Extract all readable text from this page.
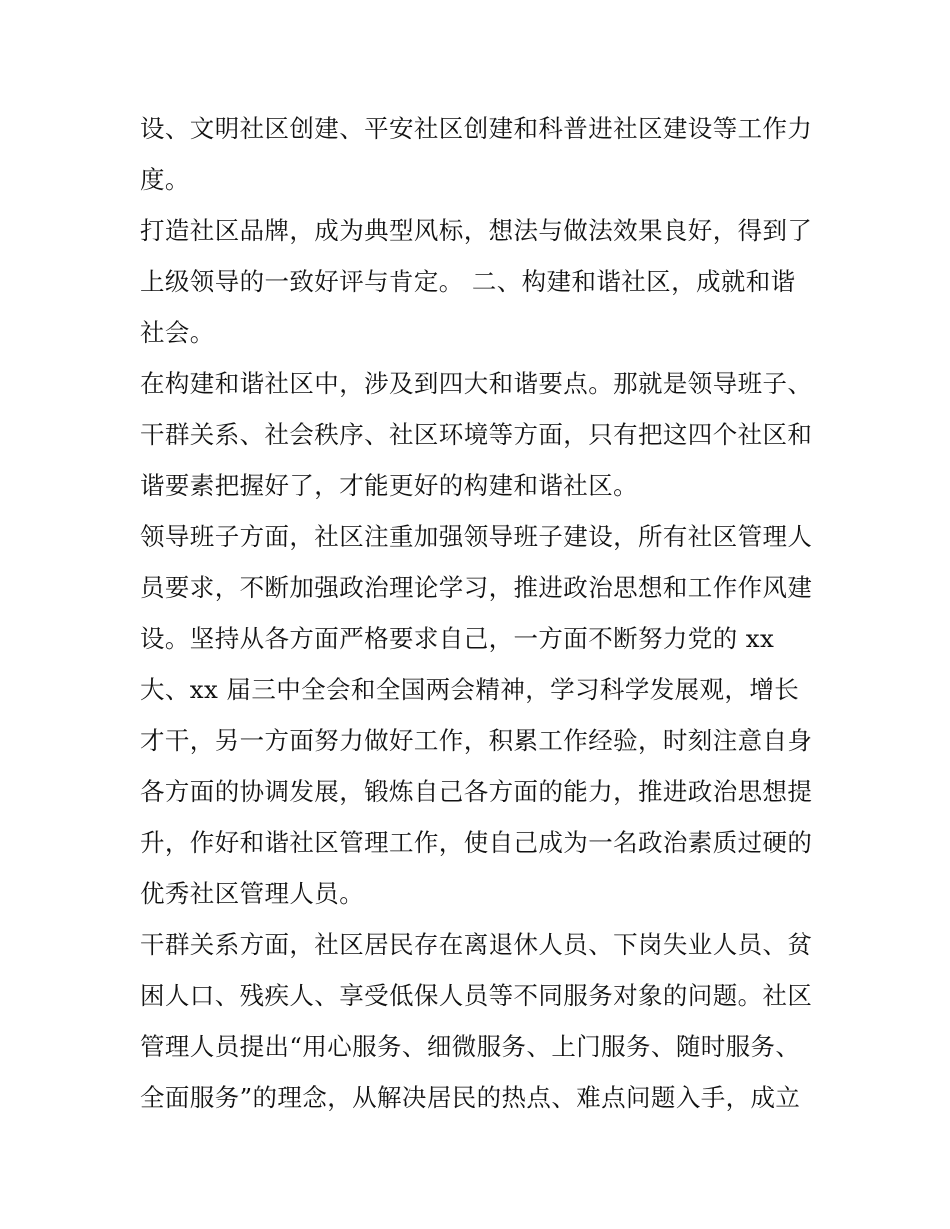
设、文明社区创建、平安社区创建和科普进社区建设等工作力
度。
打造社区品牌，成为典型风标，想法与做法效果良好，得到了
上级领导的一致好评与肯定。 二、构建和谐社区，成就和谐
社会。
在构建和谐社区中，涉及到四大和谐要点。那就是领导班子、
干群关系、社会秩序、社区环境等方面，只有把这四个社区和
谐要素把握好了，才能更好的构建和谐社区。
领导班子方面，社区注重加强领导班子建设，所有社区管理人
员要求，不断加强政治理论学习，推进政治思想和工作作风建
设。坚持从各方面严格要求自己，一方面不断努力党的 xx
大、xx 届三中全会和全国两会精神，学习科学发展观，增长
才干，另一方面努力做好工作，积累工作经验，时刻注意自身
各方面的协调发展，锻炼自己各方面的能力，推进政治思想提
升，作好和谐社区管理工作，使自己成为一名政治素质过硬的
优秀社区管理人员。
干群关系方面，社区居民存在离退休人员、下岗失业人员、贫
困人口、残疾人、享受低保人员等不同服务对象的问题。社区
管理人员提出“用心服务、细微服务、上门服务、随时服务、
全面服务”的理念，从解决居民的热点、难点问题入手，成立
